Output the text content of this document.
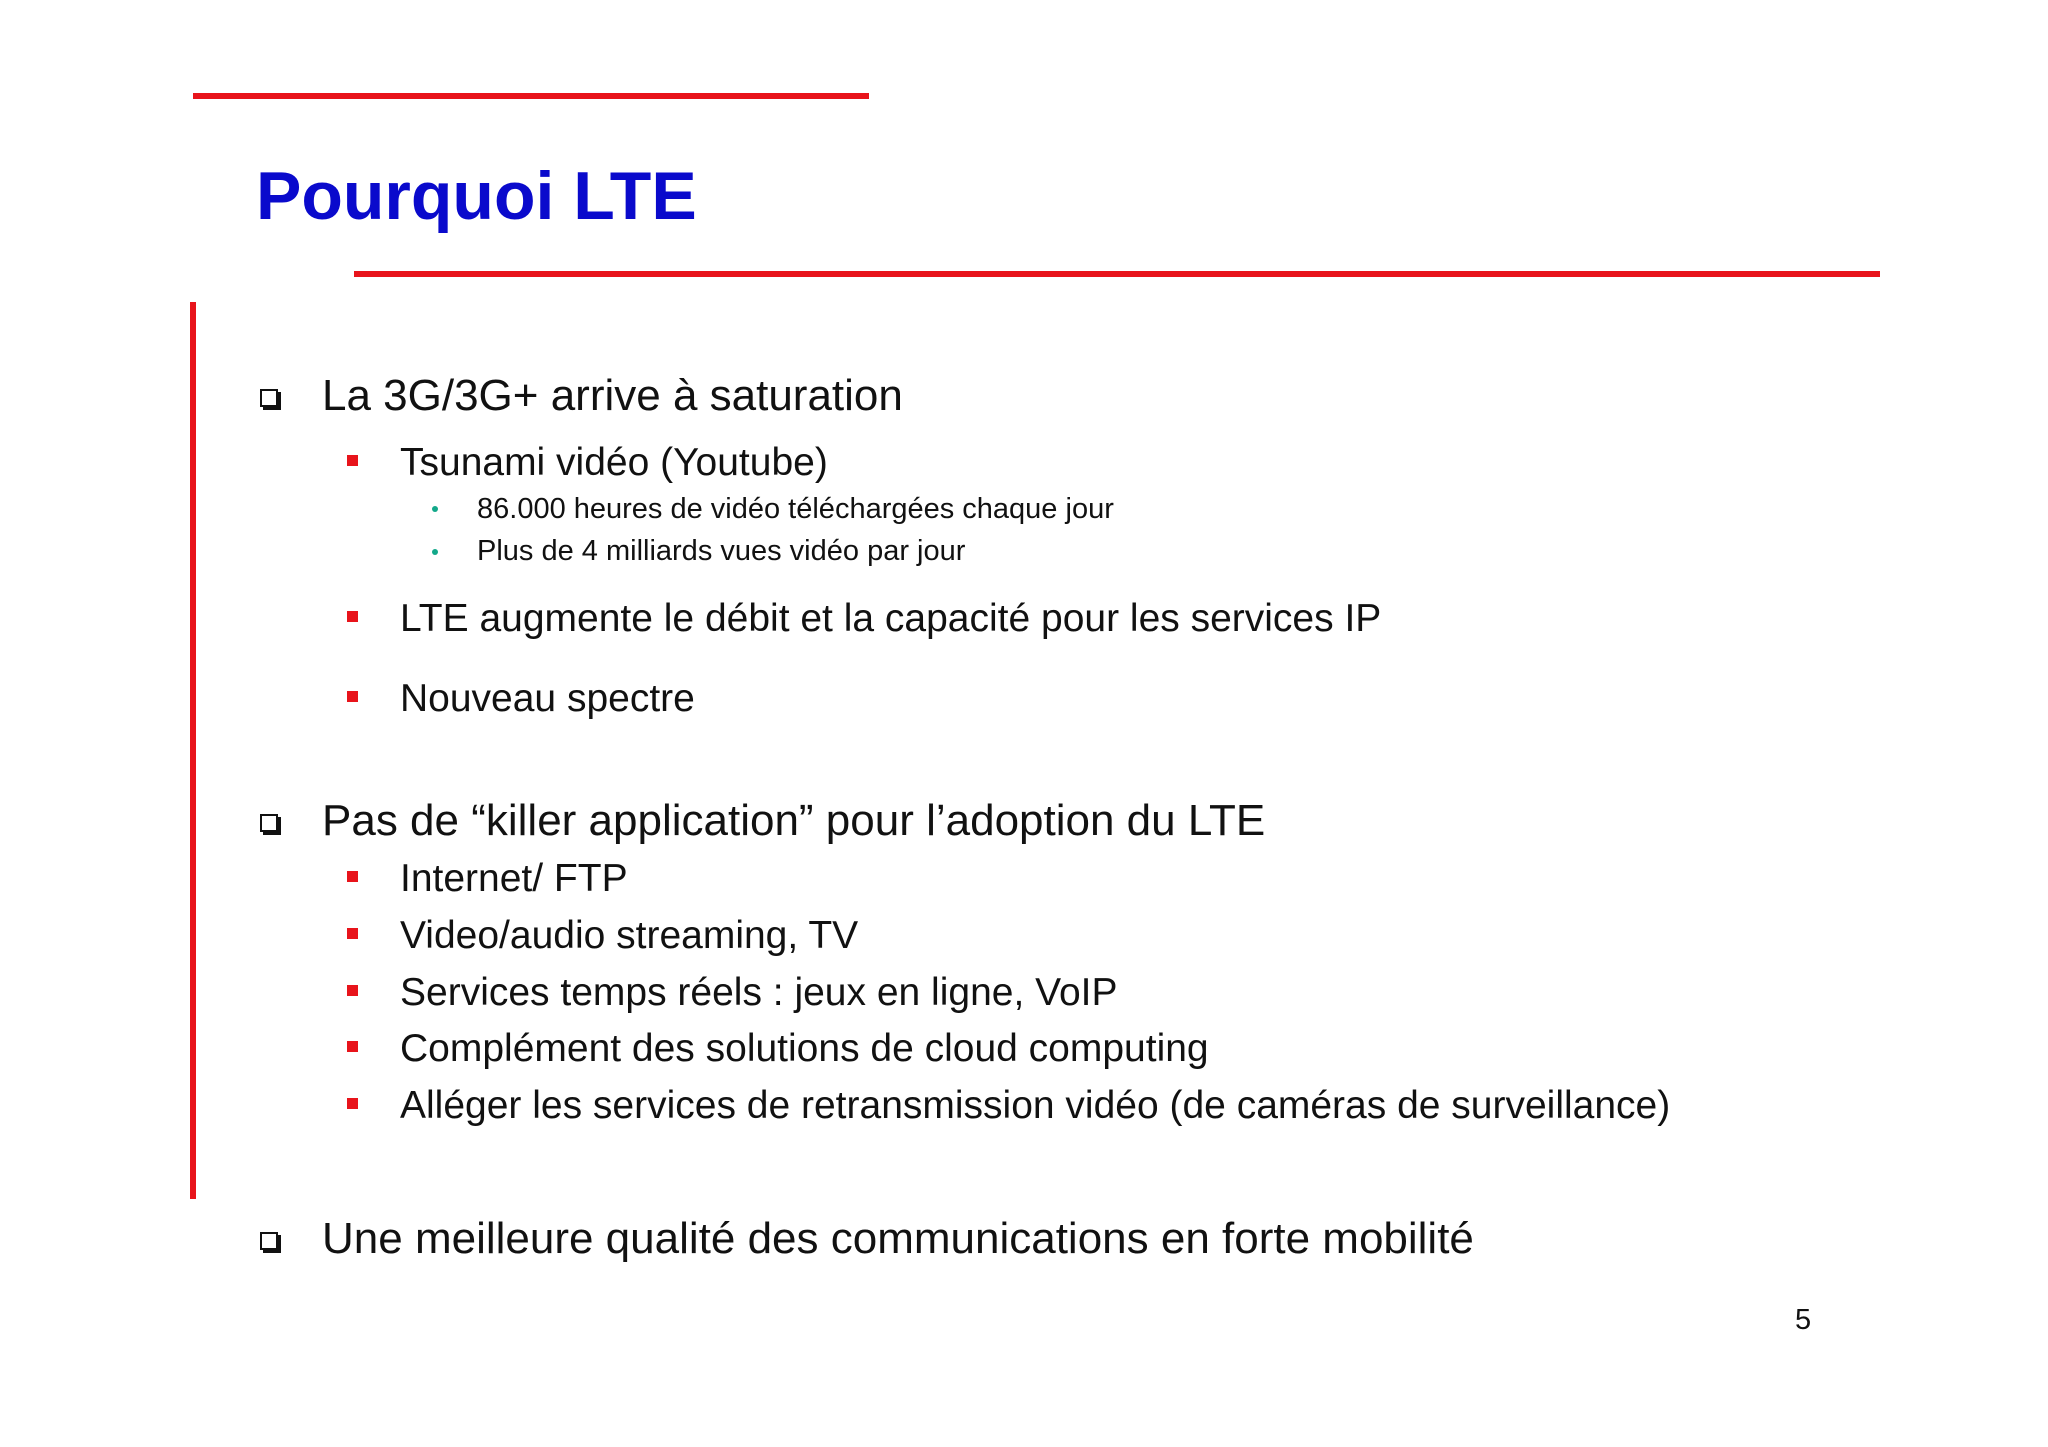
Pourquoi LTE
La 3G/3G+ arrive à saturation
Tsunami vidéo (Youtube)
86.000 heures de vidéo téléchargées chaque jour
Plus de 4 milliards vues vidéo par jour
LTE augmente le débit et la capacité pour les services IP
Nouveau spectre
Pas de “killer application” pour l’adoption du LTE
Internet/ FTP
Video/audio streaming, TV
Services temps réels : jeux en ligne, VoIP
Complément des solutions de cloud computing
Alléger les services de retransmission vidéo (de caméras de surveillance)
Une meilleure qualité des communications en forte mobilité
5
